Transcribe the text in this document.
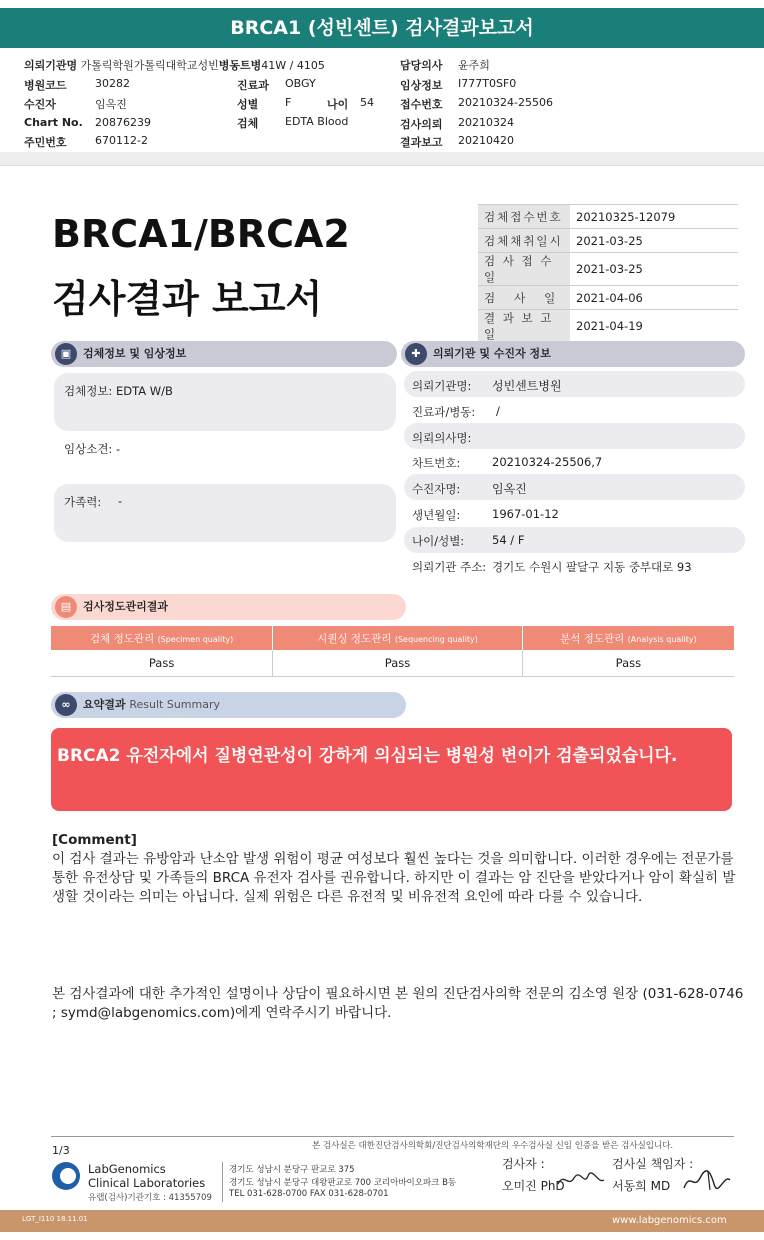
BRCA1 (성빈센트) 검사결과보고서
의뢰기관명 가톨릭학원가톨릭대학교성빈병동트병41W / 4105
병원코드	30282	진료과 OBGY
수진자	임옥진	성별 F	나이 54
Chart No. 20876239	검체 EDTA Blood
주민번호	670112-2
담당의사 윤주희
임상정보 I777T0SF0
접수번호 20210324-25506
검사의뢰 20210324
결과보고 20210420
BRCA1/BRCA2
검사결과 보고서
검체접수번호	20210325-12079
검체채취일시	2021-03-25
검 사 접 수 일	2021-03-25
검   사   일	2021-04-06
결 과 보 고 일	2021-04-19
▣	검체정보 및 임상정보
검체정보: EDTA W/B
임상소견: -
가족력: -
✚	의뢰기관 및 수진자 정보
의뢰기관명: 성빈센트병원
진료과/병동: /
의뢰의사명:
차트번호:	20210324-25506,7
수진자명:	임옥진
생년월일:	1967-01-12
나이/성별: 54 / F
의뢰기관 주소: 경기도 수원시 팔달구 지동 중부대로 93
▤	검사정도관리결과
검체 정도관리 (Specimen quality)	시퀀싱 정도관리 (Sequencing quality)	분석 정도관리 (Analysis quality)
Pass	Pass	Pass
∞	요약결과 Result Summary
BRCA2 유전자에서 질병연관성이 강하게 의심되는 병원성 변이가 검출되었습니다.
[Comment]
이 검사 결과는 유방암과 난소암 발생 위험이 평균 여성보다 훨씬 높다는 것을 의미합니다. 이러한 경우에는 전문가를 통한 유전상담 및 가족들의 BRCA 유전자 검사를 권유합니다. 하지만 이 결과는 암 진단을 받았다거나 암이 확실히 발생할 것이라는 의미는 아닙니다. 실제 위험은 다른 유전적 및 비유전적 요인에 따라 다를 수 있습니다.
본 검사결과에 대한 추가적인 설명이나 상담이 필요하시면 본 원의 진단검사의학 전문의 김소영 원장 (031-628-0746 ; symd@labgenomics.com)에게 연락주시기 바랍니다.
본 검사실은 대한진단검사의학회/진단검사의학재단의 우수검사실 신임 인증을 받은 검사실입니다.
1/3
LabGenomics
Clinical Laboratories
유랩(검사)기관기호 : 41355709
경기도 성남시 분당구 판교로 375
경기도 성남시 분당구 대왕판교로 700 코리아바이오파크 B동
TEL 031-628-0700 FAX 031-628-0701
검사자 :
오미진 PhD
검사실 책임자 :
서동희 MD
LGT_I110 18.11.01	www.labgenomics.com
